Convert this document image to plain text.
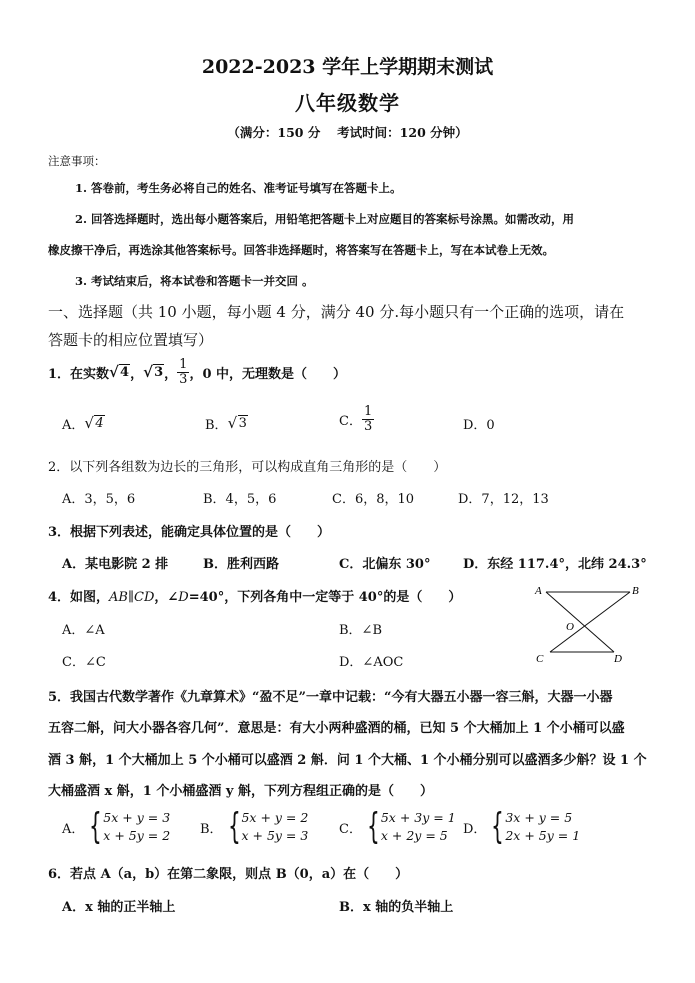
2022-2023 学年上学期期末测试
八年级数学
（满分：150 分　 考试时间：120 分钟）
注意事项：
1. 答卷前，考生务必将自己的姓名、准考证号填写在答题卡上。
2. 回答选择题时，选出每小题答案后，用铅笔把答题卡上对应题目的答案标号涂黑。如需改动，用
橡皮擦干净后，再选涂其他答案标号。回答非选择题时，将答案写在答题卡上，写在本试卷上无效。
3. 考试结束后，将本试卷和答题卡一并交回 。
一、选择题（共 10 小题，每小题 4 分，满分 40 分.每小题只有一个正确的选项，请在
答题卡的相应位置填写）
1．在实数 √ 4 ， √ 3 ， $\frac{1}{3}$ ，0 中，无理数是（　　）
A． √ 4	B． √ 3	C． $\frac{1}{3}$	D．0
2．以下列各组数为边长的三角形，可以构成直角三角形的是（　　）
A．3，5，6	B．4，5，6	C．6，8，10	D．7，12，13
3．根据下列表述，能确定具体位置的是（　　）
A．某电影院 2 排	B．胜利西路	C．北偏东 30°	D．东经 117.4°，北纬 24.3°
4．如图，AB∥CD，∠D=40°，下列各角中一定等于 40°的是（　　）
A．∠A	B．∠B
C．∠C	D．∠AOC
A	B
O
C	D
5．我国古代数学著作《九章算术》“盈不足”一章中记载：“今有大器五小器一容三斛，大器一小器
五容二斛，问大小器各容几何”．意思是：有大小两种盛酒的桶，已知 5 个大桶加上 1 个小桶可以盛
酒 3 斛，1 个大桶加上 5 个小桶可以盛酒 2 斛．问 1 个大桶、1 个小桶分别可以盛酒多少斛？设 1 个
大桶盛酒 x 斛，1 个小桶盛酒 y 斛，下列方程组正确的是（　　）
A． { 5x + y = 3
x + 5y = 2 B． { 5x + y = 2
x + 5y = 3 C． { 5x + 3y = 1
x + 2y = 5	D． { 3x + y = 5
2x + 5y = 1
6．若点 A（a，b）在第二象限，则点 B（0，a）在（　　）
A．x 轴的正半轴上	B．x 轴的负半轴上
